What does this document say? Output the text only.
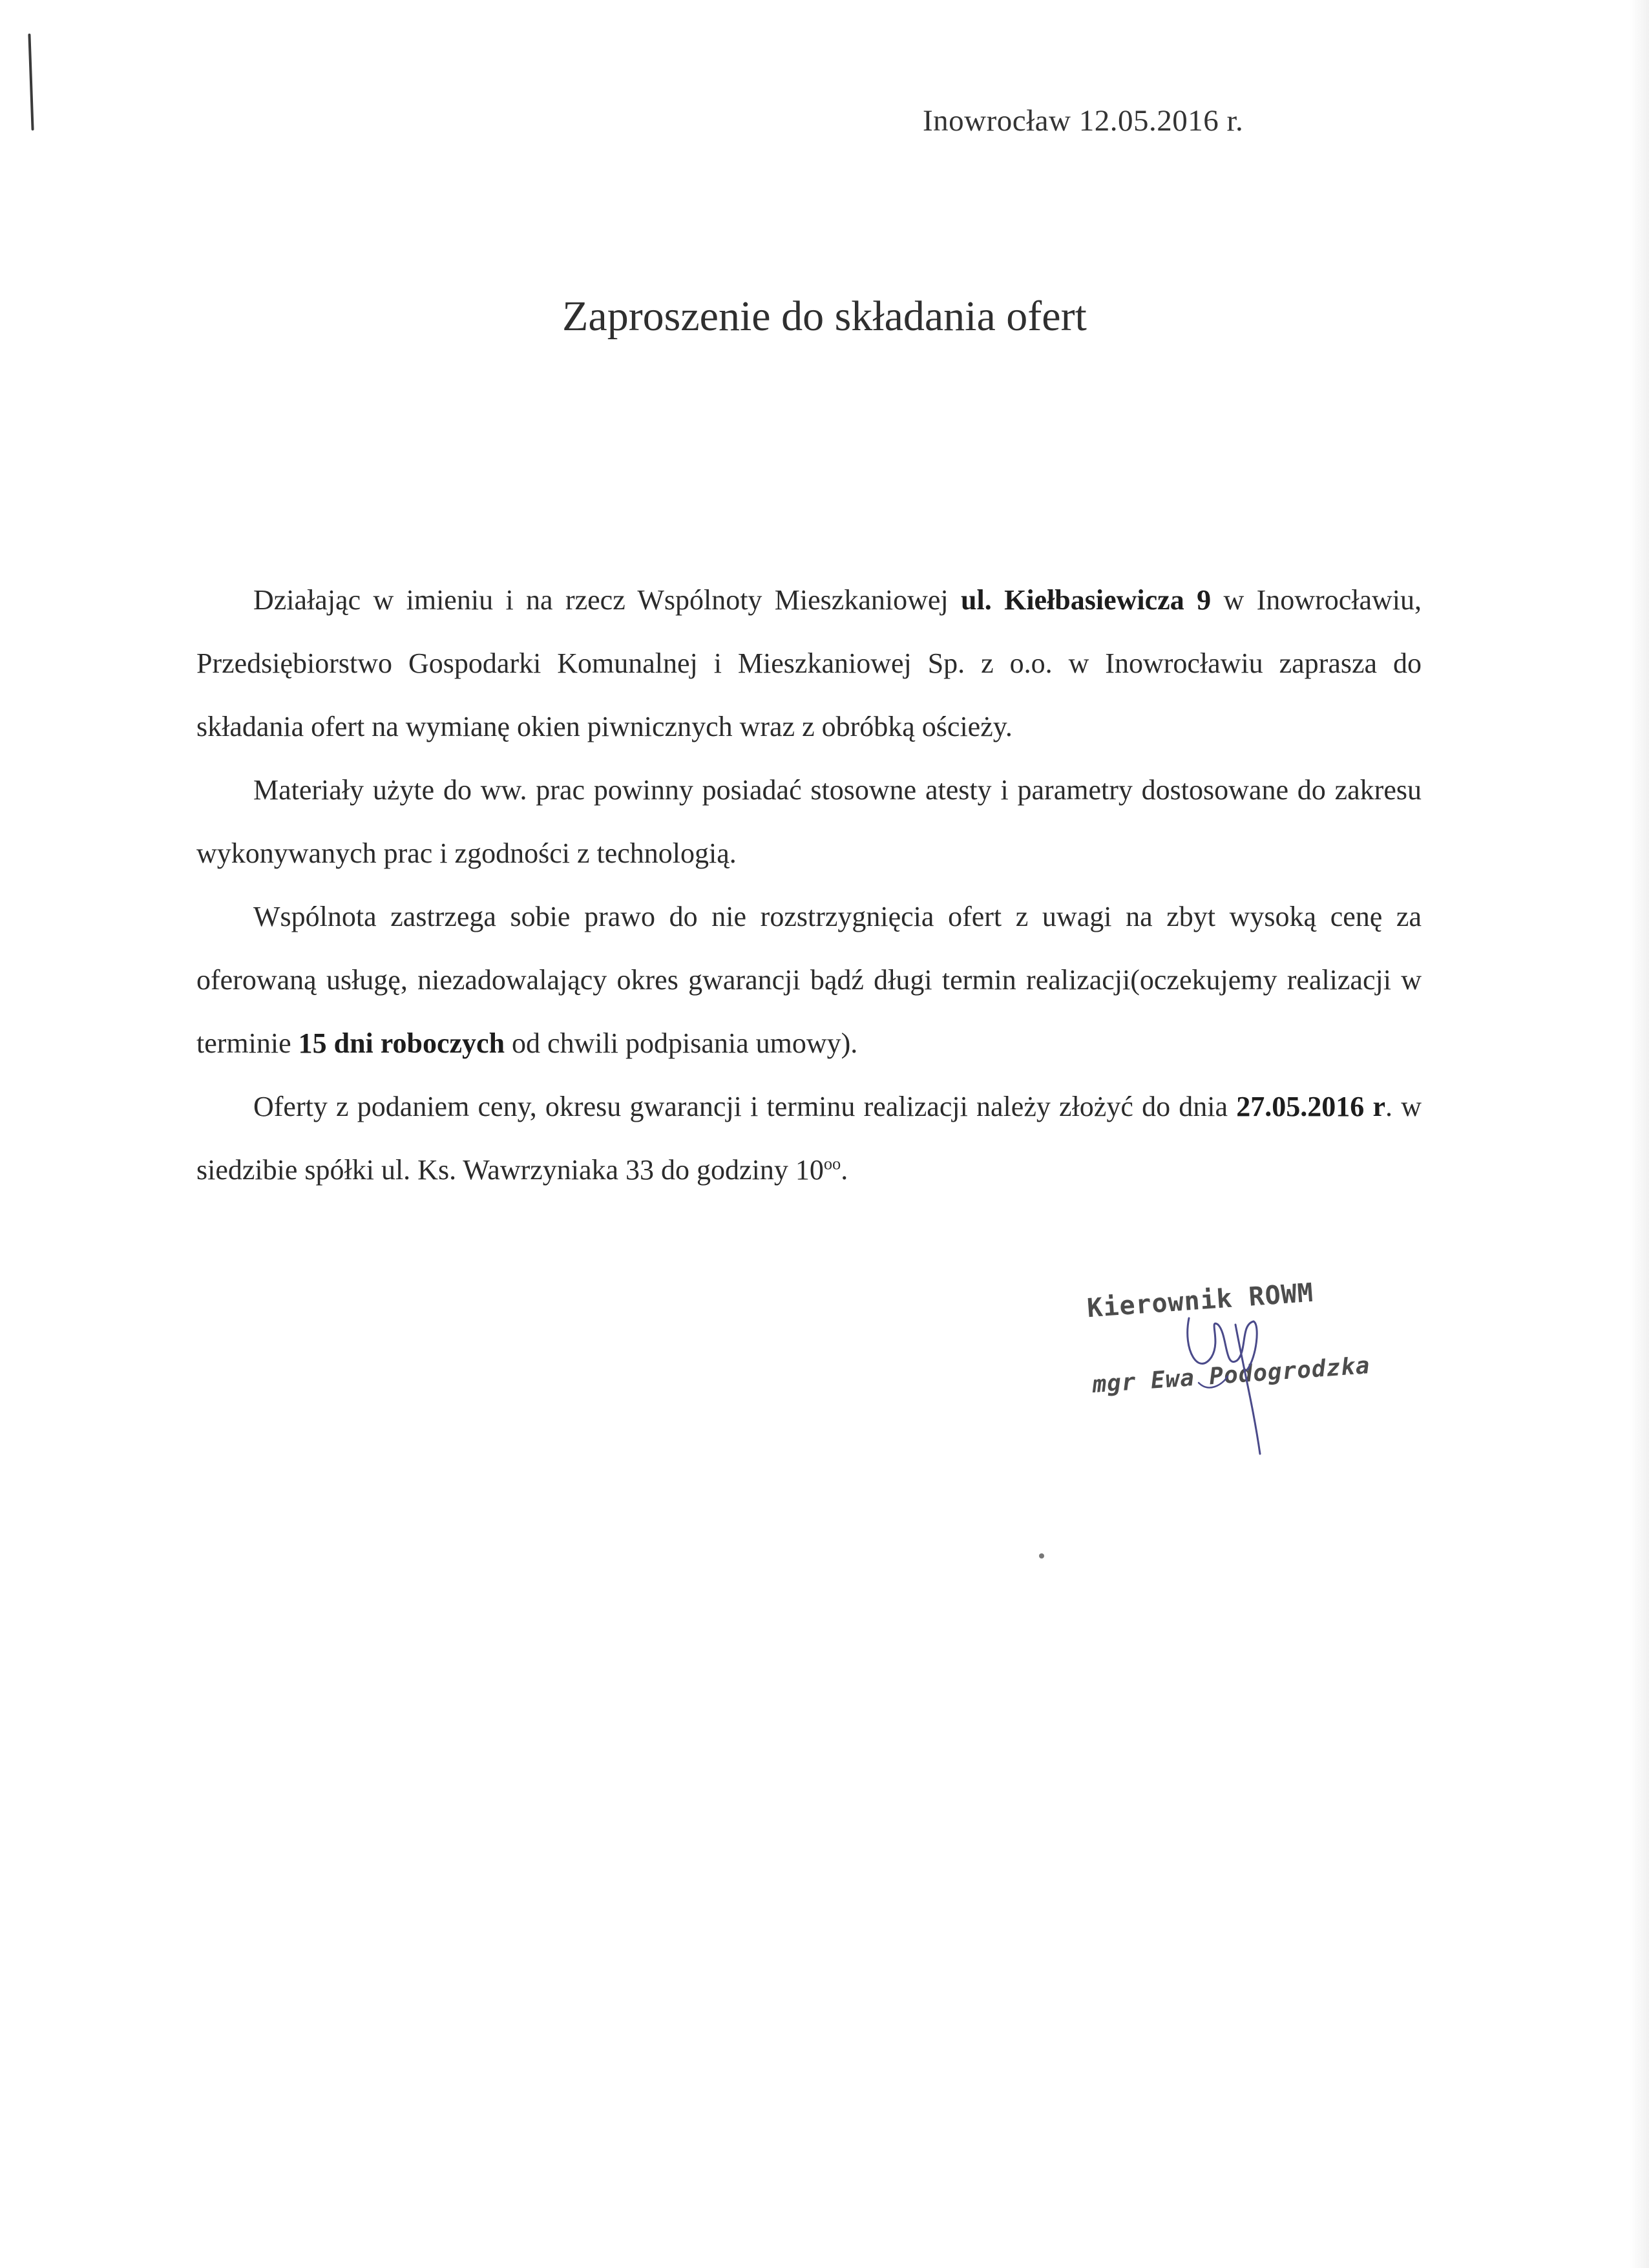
Inowrocław 12.05.2016 r.
Zaproszenie do składania ofert

Działając w imieniu i na rzecz Wspólnoty Mieszkaniowej ul. Kiełbasiewicza 9 w Inowrocławiu, Przedsiębiorstwo Gospodarki Komunalnej i Mieszkaniowej Sp. z o.o. w Inowrocławiu zaprasza do składania ofert na wymianę okien piwnicznych wraz z obróbką ościeży.

Materiały użyte do ww. prac powinny posiadać stosowne atesty i parametry dostosowane do zakresu wykonywanych prac i zgodności z technologią.

Wspólnota zastrzega sobie prawo do nie rozstrzygnięcia ofert z uwagi na zbyt wysoką cenę za oferowaną usługę, niezadowalający okres gwarancji bądź długi termin realizacji(oczekujemy realizacji w terminie 15 dni roboczych od chwili podpisania umowy).

Oferty z podaniem ceny, okresu gwarancji i terminu realizacji należy złożyć do dnia 27.05.2016 r. w siedzibie spółki ul. Ks. Wawrzyniaka 33 do godziny $10^{oo}$.

Kierownik ROWM
mgr Ewa Podogrodzka
